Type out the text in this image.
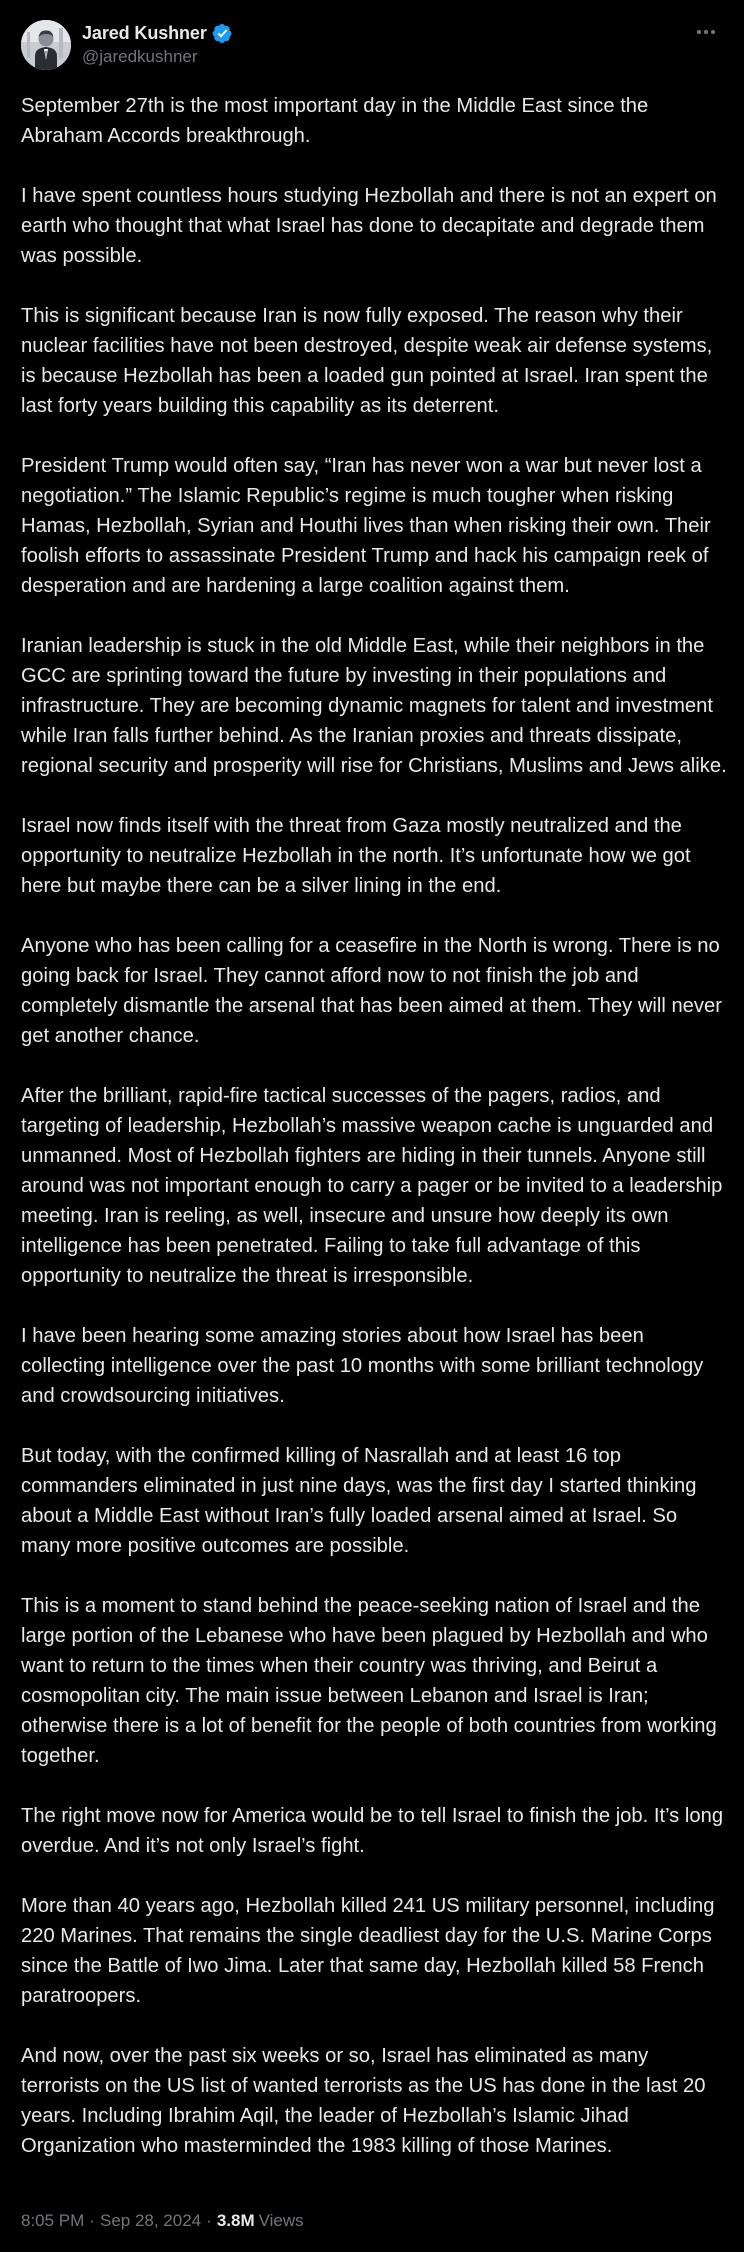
Jared Kushner
@jaredkushner

September 27th is the most important day in the Middle East since the Abraham Accords breakthrough.

I have spent countless hours studying Hezbollah and there is not an expert on earth who thought that what Israel has done to decapitate and degrade them was possible.

This is significant because Iran is now fully exposed. The reason why their nuclear facilities have not been destroyed, despite weak air defense systems, is because Hezbollah has been a loaded gun pointed at Israel. Iran spent the last forty years building this capability as its deterrent.

President Trump would often say, “Iran has never won a war but never lost a negotiation.” The Islamic Republic’s regime is much tougher when risking Hamas, Hezbollah, Syrian and Houthi lives than when risking their own. Their foolish efforts to assassinate President Trump and hack his campaign reek of desperation and are hardening a large coalition against them.

Iranian leadership is stuck in the old Middle East, while their neighbors in the GCC are sprinting toward the future by investing in their populations and infrastructure. They are becoming dynamic magnets for talent and investment while Iran falls further behind. As the Iranian proxies and threats dissipate, regional security and prosperity will rise for Christians, Muslims and Jews alike.

Israel now finds itself with the threat from Gaza mostly neutralized and the opportunity to neutralize Hezbollah in the north. It’s unfortunate how we got here but maybe there can be a silver lining in the end.

Anyone who has been calling for a ceasefire in the North is wrong. There is no going back for Israel. They cannot afford now to not finish the job and completely dismantle the arsenal that has been aimed at them. They will never get another chance.

After the brilliant, rapid-fire tactical successes of the pagers, radios, and targeting of leadership, Hezbollah’s massive weapon cache is unguarded and unmanned. Most of Hezbollah fighters are hiding in their tunnels. Anyone still around was not important enough to carry a pager or be invited to a leadership meeting. Iran is reeling, as well, insecure and unsure how deeply its own intelligence has been penetrated. Failing to take full advantage of this opportunity to neutralize the threat is irresponsible.

I have been hearing some amazing stories about how Israel has been collecting intelligence over the past 10 months with some brilliant technology and crowdsourcing initiatives.

But today, with the confirmed killing of Nasrallah and at least 16 top commanders eliminated in just nine days, was the first day I started thinking about a Middle East without Iran’s fully loaded arsenal aimed at Israel. So many more positive outcomes are possible.

This is a moment to stand behind the peace-seeking nation of Israel and the large portion of the Lebanese who have been plagued by Hezbollah and who want to return to the times when their country was thriving, and Beirut a cosmopolitan city. The main issue between Lebanon and Israel is Iran; otherwise there is a lot of benefit for the people of both countries from working together.

The right move now for America would be to tell Israel to finish the job. It’s long overdue. And it’s not only Israel’s fight.

More than 40 years ago, Hezbollah killed 241 US military personnel, including 220 Marines. That remains the single deadliest day for the U.S. Marine Corps since the Battle of Iwo Jima. Later that same day, Hezbollah killed 58 French paratroopers.

And now, over the past six weeks or so, Israel has eliminated as many terrorists on the US list of wanted terrorists as the US has done in the last 20 years. Including Ibrahim Aqil, the leader of Hezbollah’s Islamic Jihad Organization who masterminded the 1983 killing of those Marines.

8:05 PM · Sep 28, 2024 · 3.8M Views
